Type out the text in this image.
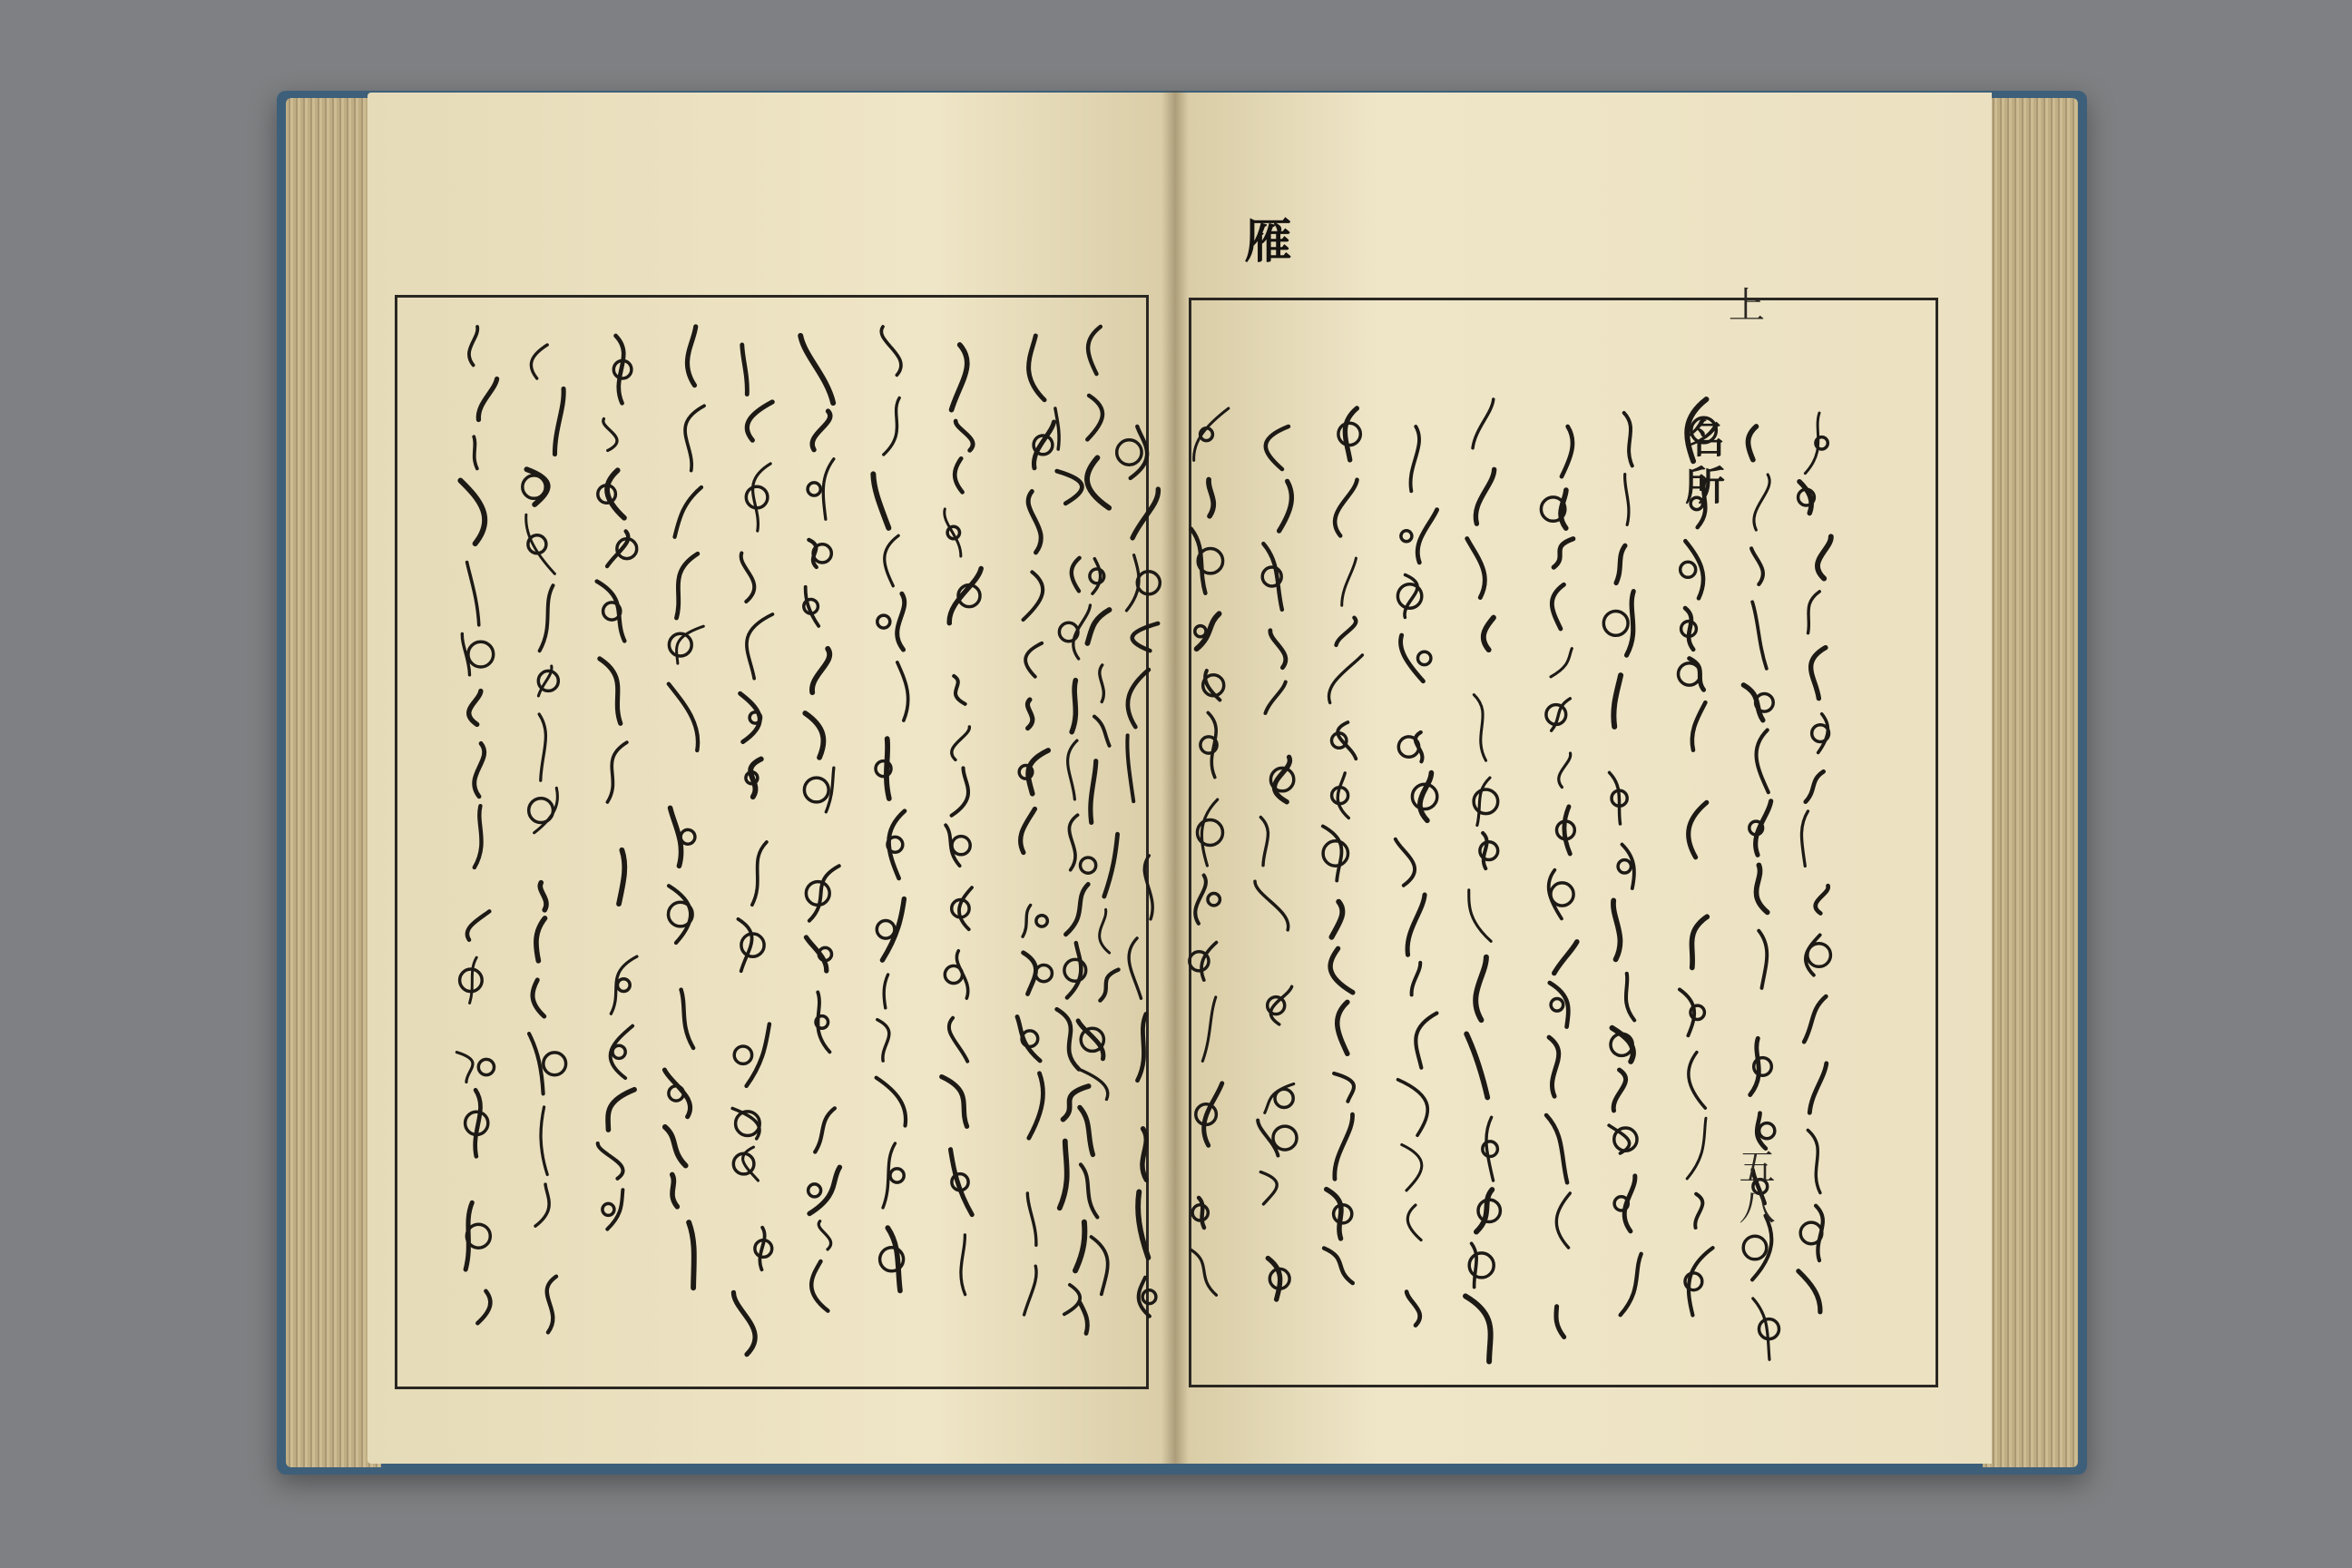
雁
上
五八
名所
